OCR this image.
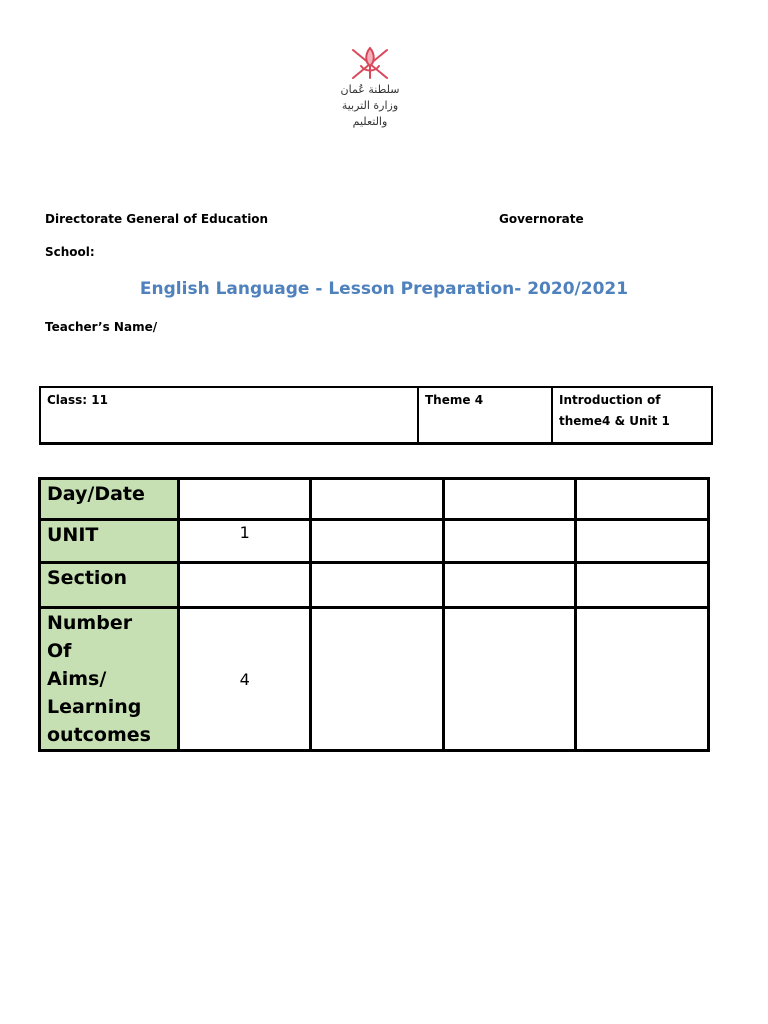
سلطنة عُمان
وزارة التربية والتعليم
Directorate General of Education	Governorate
School:
English Language - Lesson Preparation- 2020/2021
Teacher’s Name/
Class: 11	Theme 4	Introduction of theme4 & Unit 1
Day/Date				
UNIT	1			
Section				
Number
Of
Aims/
Learning
outcomes	4			
